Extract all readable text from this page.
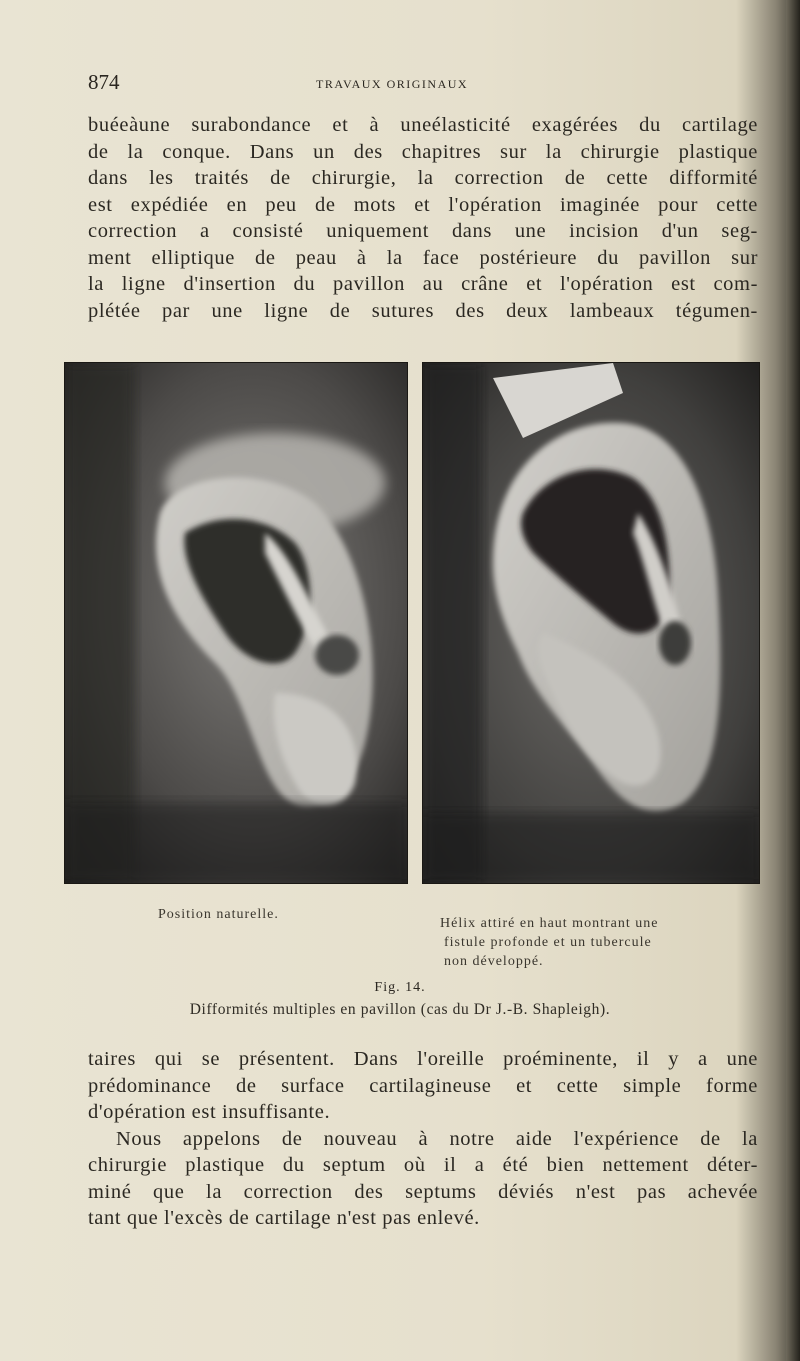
874	TRAVAUX ORIGINAUX
buéeàune surabondance et à uneélasticité exagérées du cartilage
de la conque. Dans un des chapitres sur la chirurgie plastique
dans les traités de chirurgie, la correction de cette difformité
est expédiée en peu de mots et l'opération imaginée pour cette
correction a consisté uniquement dans une incision d'un seg-
ment elliptique de peau à la face postérieure du pavillon sur
la ligne d'insertion du pavillon au crâne et l'opération est com-
plétée par une ligne de sutures des deux lambeaux tégumen-
Position naturelle.
Hélix attiré en haut montrant une
fistule profonde et un tubercule
non développé.
Fig. 14.
Difformités multiples en pavillon (cas du Dr J.-B. Shapleigh).
taires qui se présentent. Dans l'oreille proéminente, il y a une
prédominance de surface cartilagineuse et cette simple forme
d'opération est insuffisante.
Nous appelons de nouveau à notre aide l'expérience de la
chirurgie plastique du septum où il a été bien nettement déter-
miné que la correction des septums déviés n'est pas achevée
tant que l'excès de cartilage n'est pas enlevé.
